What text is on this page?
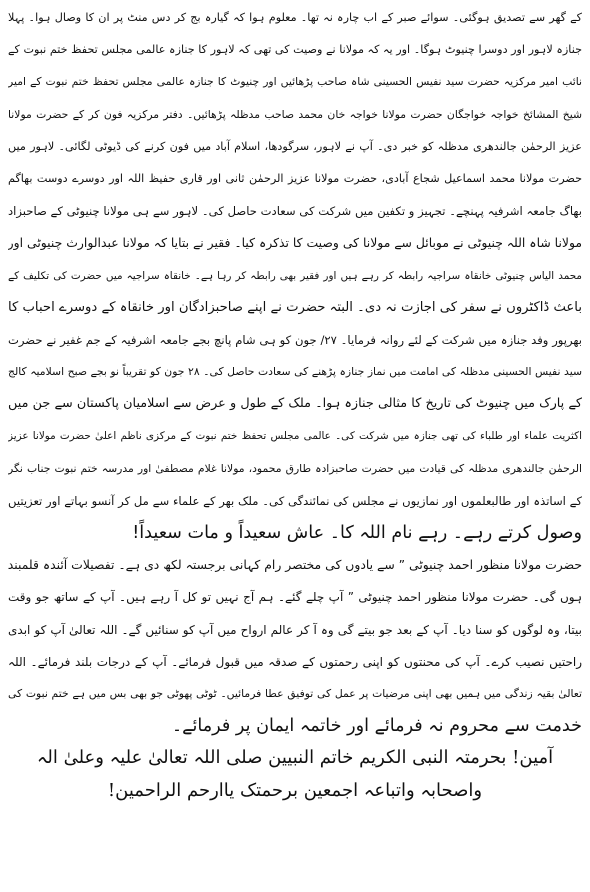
کے گھر سے تصدیق ہوگئی۔ سوائے صبر کے اب چارہ نہ تھا۔ معلوم ہوا کہ گیارہ بج کر دس منٹ پر ان کا وصال ہوا۔ پہلا
جنازہ لاہور اور دوسرا چنیوٹ ہوگا۔ اور یہ کہ مولانا نے وصیت کی تھی کہ لاہور کا جنازہ عالمی مجلس تحفظ ختم نبوت کے
نائب امیر مرکزیہ حضرت سید نفیس الحسینی شاہ صاحب پڑھائیں اور چنیوٹ کا جنازہ عالمی مجلس تحفظ ختم نبوت کے امیر
شیخ المشائخ خواجہ خواجگان حضرت مولانا خواجہ خان محمد صاحب مدظلہ پڑھائیں۔ دفتر مرکزیہ فون کر کے حضرت مولانا
عزیز الرحمٰن جالندھری مدظلہ کو خبر دی۔ آپ نے لاہور، سرگودھا، اسلام آباد میں فون کرنے کی ڈیوٹی لگائی۔ لاہور میں
حضرت مولانا محمد اسماعیل شجاع آبادی، حضرت مولانا عزیز الرحمٰن ثانی اور قاری حفیظ اللہ اور دوسرے دوست بھاگم
بھاگ جامعہ اشرفیہ پہنچے۔ تجہیز و تکفین میں شرکت کی سعادت حاصل کی۔ لاہور سے ہی مولانا چنیوٹی کے صاحبزاد
مولانا شاہ اللہ چنیوٹی نے موبائل سے مولانا کی وصیت کا تذکرہ کیا۔ فقیر نے بتایا کہ مولانا عبدالوارث چنیوٹی اور
محمد الیاس چنیوٹی خانقاہ سراجیہ رابطہ کر رہے ہیں اور فقیر بھی رابطہ کر رہا ہے۔ خانقاہ سراجیہ میں حضرت کی تکلیف کے
باعث ڈاکٹروں نے سفر کی اجازت نہ دی۔ البتہ حضرت نے اپنے صاحبزادگان اور خانقاہ کے دوسرے احباب کا
بھرپور وفد جنازہ میں شرکت کے لئے روانہ فرمایا۔ ۲۷/ جون کو ہی شام پانچ بجے جامعہ اشرفیہ کے جم غفیر نے حضرت
سید نفیس الحسینی مدظلہ کی امامت میں نماز جنازہ پڑھنے کی سعادت حاصل کی۔ ۲۸ جون کو تقریباً نو بجے صبح اسلامیہ کالج
کے پارک میں چنیوٹ کی تاریخ کا مثالی جنازہ ہوا۔ ملک کے طول و عرض سے اسلامیان پاکستان سے جن میں
اکثریت علماء اور طلباء کی تھی جنازہ میں شرکت کی۔ عالمی مجلس تحفظ ختم نبوت کے مرکزی ناظم اعلیٰ حضرت مولانا عزیز
الرحمٰن جالندھری مدظلہ کی قیادت میں حضرت صاحبزادہ طارق محمود، مولانا غلام مصطفیٰ اور مدرسہ ختم نبوت جناب نگر
کے اساتذہ اور طالبعلموں اور نمازیوں نے مجلس کی نمائندگی کی۔ ملک بھر کے علماء سے مل کر آنسو بہاتے اور تعزیتیں
وصول کرتے رہے۔ رہے نام اللہ کا۔ عاش سعیداً و مات سعیداً!
حضرت مولانا منظور احمد چنیوٹی ” سے یادوں کی مختصر رام کہانی برجستہ لکھ دی ہے۔ تفصیلات آئندہ قلمبند
ہوں گی۔ حضرت مولانا منظور احمد چنیوٹی ” آپ چلے گئے۔ ہم آج نہیں تو کل آ رہے ہیں۔ آپ کے ساتھ جو وقت
بیتا، وہ لوگوں کو سنا دیا۔ آپ کے بعد جو بیتے گی وہ آ کر عالم ارواح میں آپ کو سنائیں گے۔ اللہ تعالیٰ آپ کو ابدی
راحتیں نصیب کرے۔ آپ کی محنتوں کو اپنی رحمتوں کے صدقہ میں قبول فرمائے۔ آپ کے درجات بلند فرمائے۔ اللہ
تعالیٰ بقیہ زندگی میں ہمیں بھی اپنی مرضیات پر عمل کی توفیق عطا فرمائیں۔ ٹوٹی پھوٹی جو بھی بس میں ہے ختم نبوت کی
خدمت سے محروم نہ فرمائے اور خاتمہ ایمان پر فرمائے۔
آمین! بحرمتہ النبی الکریم خاتم النبیین صلی اللہ تعالیٰ علیہ وعلیٰ الہ
واصحابہ واتباعہ اجمعین برحمتک یاارحم الراحمین!
